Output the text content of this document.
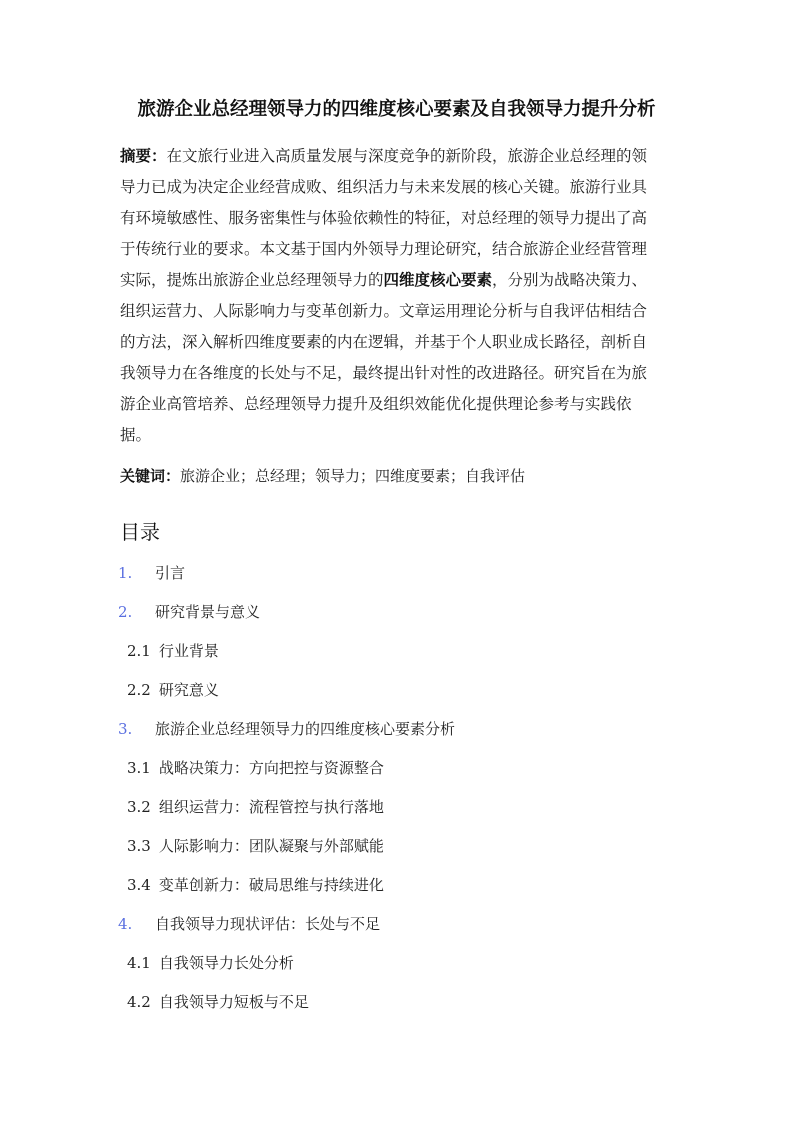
旅游企业总经理领导力的四维度核心要素及自我领导力提升分析
摘要：在文旅行业进入高质量发展与深度竞争的新阶段，旅游企业总经理的领
导力已成为决定企业经营成败、组织活力与未来发展的核心关键。旅游行业具
有环境敏感性、服务密集性与体验依赖性的特征，对总经理的领导力提出了高
于传统行业的要求。本文基于国内外领导力理论研究，结合旅游企业经营管理
实际，提炼出旅游企业总经理领导力的四维度核心要素，分别为战略决策力、
组织运营力、人际影响力与变革创新力。文章运用理论分析与自我评估相结合
的方法，深入解析四维度要素的内在逻辑，并基于个人职业成长路径，剖析自
我领导力在各维度的长处与不足，最终提出针对性的改进路径。研究旨在为旅
游企业高管培养、总经理领导力提升及组织效能优化提供理论参考与实践依
据。
关键词：旅游企业；总经理；领导力；四维度要素；自我评估
目录
1. 引言
2. 研究背景与意义
2.1 行业背景
2.2 研究意义
3. 旅游企业总经理领导力的四维度核心要素分析
3.1 战略决策力：方向把控与资源整合
3.2 组织运营力：流程管控与执行落地
3.3 人际影响力：团队凝聚与外部赋能
3.4 变革创新力：破局思维与持续进化
4. 自我领导力现状评估：长处与不足
4.1 自我领导力长处分析
4.2 自我领导力短板与不足
